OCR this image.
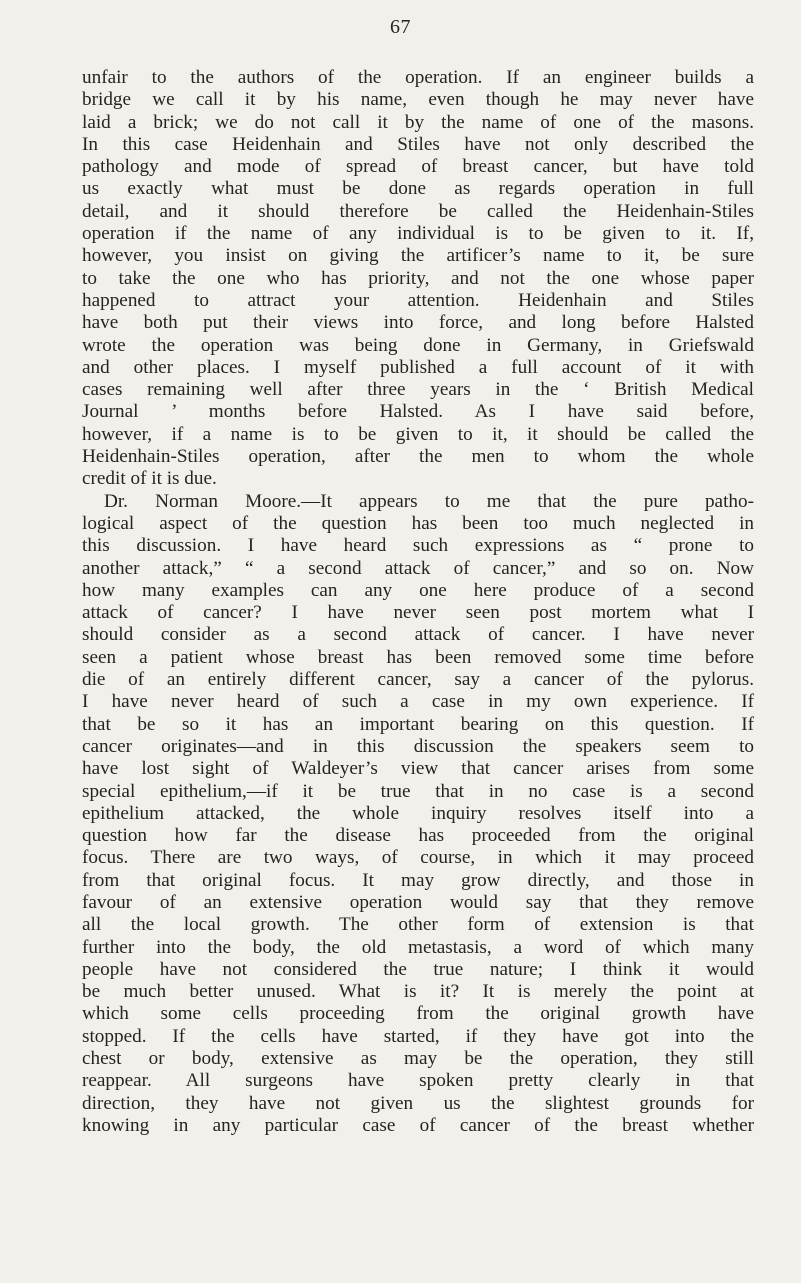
67
unfair to the authors of the operation. If an engineer builds a
bridge we call it by his name, even though he may never have
laid a brick; we do not call it by the name of one of the masons.
In this case Heidenhain and Stiles have not only described the
pathology and mode of spread of breast cancer, but have told
us exactly what must be done as regards operation in full
detail, and it should therefore be called the Heidenhain-Stiles
operation if the name of any individual is to be given to it. If,
however, you insist on giving the artificer’s name to it, be sure
to take the one who has priority, and not the one whose paper
happened to attract your attention. Heidenhain and Stiles
have both put their views into force, and long before Halsted
wrote the operation was being done in Germany, in Griefswald
and other places. I myself published a full account of it with
cases remaining well after three years in the ‘ British Medical
Journal ’ months before Halsted. As I have said before,
however, if a name is to be given to it, it should be called the
Heidenhain-Stiles operation, after the men to whom the whole
credit of it is due.
Dr. Norman Moore.—It appears to me that the pure patho-
logical aspect of the question has been too much neglected in
this discussion. I have heard such expressions as “ prone to
another attack,” “ a second attack of cancer,” and so on. Now
how many examples can any one here produce of a second
attack of cancer? I have never seen post mortem what I
should consider as a second attack of cancer. I have never
seen a patient whose breast has been removed some time before
die of an entirely different cancer, say a cancer of the pylorus.
I have never heard of such a case in my own experience. If
that be so it has an important bearing on this question. If
cancer originates—and in this discussion the speakers seem to
have lost sight of Waldeyer’s view that cancer arises from some
special epithelium,—if it be true that in no case is a second
epithelium attacked, the whole inquiry resolves itself into a
question how far the disease has proceeded from the original
focus. There are two ways, of course, in which it may proceed
from that original focus. It may grow directly, and those in
favour of an extensive operation would say that they remove
all the local growth. The other form of extension is that
further into the body, the old metastasis, a word of which many
people have not considered the true nature; I think it would
be much better unused. What is it? It is merely the point at
which some cells proceeding from the original growth have
stopped. If the cells have started, if they have got into the
chest or body, extensive as may be the operation, they still
reappear. All surgeons have spoken pretty clearly in that
direction, they have not given us the slightest grounds for
knowing in any particular case of cancer of the breast whether
